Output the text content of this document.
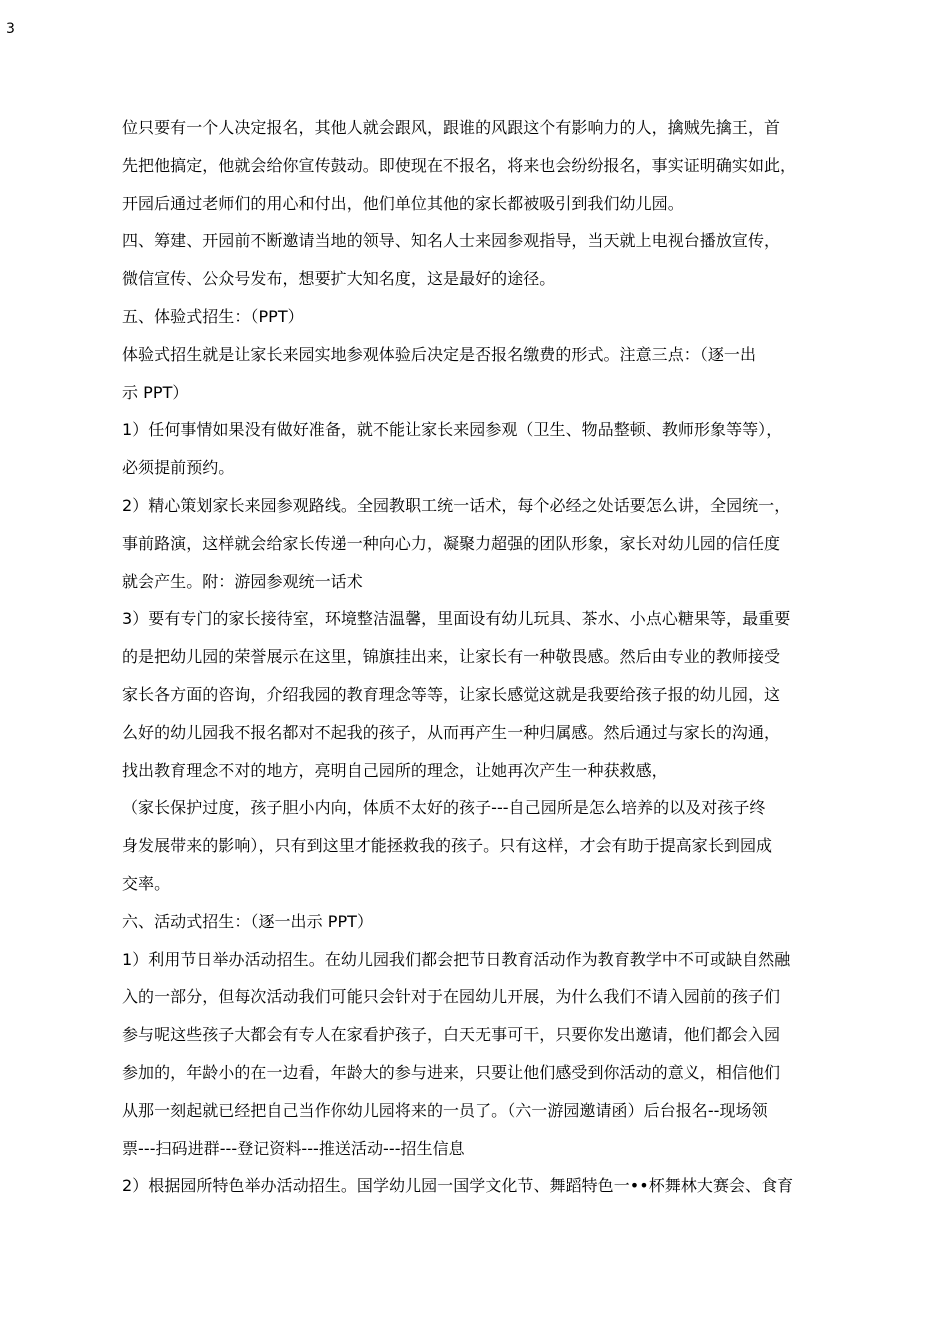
3
位只要有一个人决定报名，其他人就会跟风，跟谁的风跟这个有影响力的人，擒贼先擒王，首
先把他搞定，他就会给你宣传鼓动。即使现在不报名，将来也会纷纷报名，事实证明确实如此，
开园后通过老师们的用心和付出，他们单位其他的家长都被吸引到我们幼儿园。
四、筹建、开园前不断邀请当地的领导、知名人士来园参观指导，当天就上电视台播放宣传，
微信宣传、公众号发布，想要扩大知名度，这是最好的途径。
五、体验式招生：（PPT）
体验式招生就是让家长来园实地参观体验后决定是否报名缴费的形式。注意三点：（逐一出
示 PPT）
1）任何事情如果没有做好准备，就不能让家长来园参观（卫生、物品整顿、教师形象等等），
必须提前预约。
2）精心策划家长来园参观路线。全园教职工统一话术，每个必经之处话要怎么讲，全园统一，
事前路演，这样就会给家长传递一种向心力，凝聚力超强的团队形象，家长对幼儿园的信任度
就会产生。附：游园参观统一话术
3）要有专门的家长接待室，环境整洁温馨，里面设有幼儿玩具、茶水、小点心糖果等，最重要
的是把幼儿园的荣誉展示在这里，锦旗挂出来，让家长有一种敬畏感。然后由专业的教师接受
家长各方面的咨询，介绍我园的教育理念等等，让家长感觉这就是我要给孩子报的幼儿园，这
么好的幼儿园我不报名都对不起我的孩子，从而再产生一种归属感。然后通过与家长的沟通，
找出教育理念不对的地方，亮明自己园所的理念，让她再次产生一种获救感，
（家长保护过度，孩子胆小内向，体质不太好的孩子---自己园所是怎么培养的以及对孩子终
身发展带来的影响），只有到这里才能拯救我的孩子。只有这样，才会有助于提高家长到园成
交率。
六、活动式招生：（逐一出示 PPT）
1）利用节日举办活动招生。在幼儿园我们都会把节日教育活动作为教育教学中不可或缺自然融
入的一部分，但每次活动我们可能只会针对于在园幼儿开展，为什么我们不请入园前的孩子们
参与呢这些孩子大都会有专人在家看护孩子，白天无事可干，只要你发出邀请，他们都会入园
参加的，年龄小的在一边看，年龄大的参与进来，只要让他们感受到你活动的意义，相信他们
从那一刻起就已经把自己当作你幼儿园将来的一员了。（六一游园邀请函）后台报名--现场领
票---扫码进群---登记资料---推送活动---招生信息
2）根据园所特色举办活动招生。国学幼儿园一国学文化节、舞蹈特色一••杯舞林大赛会、食育
